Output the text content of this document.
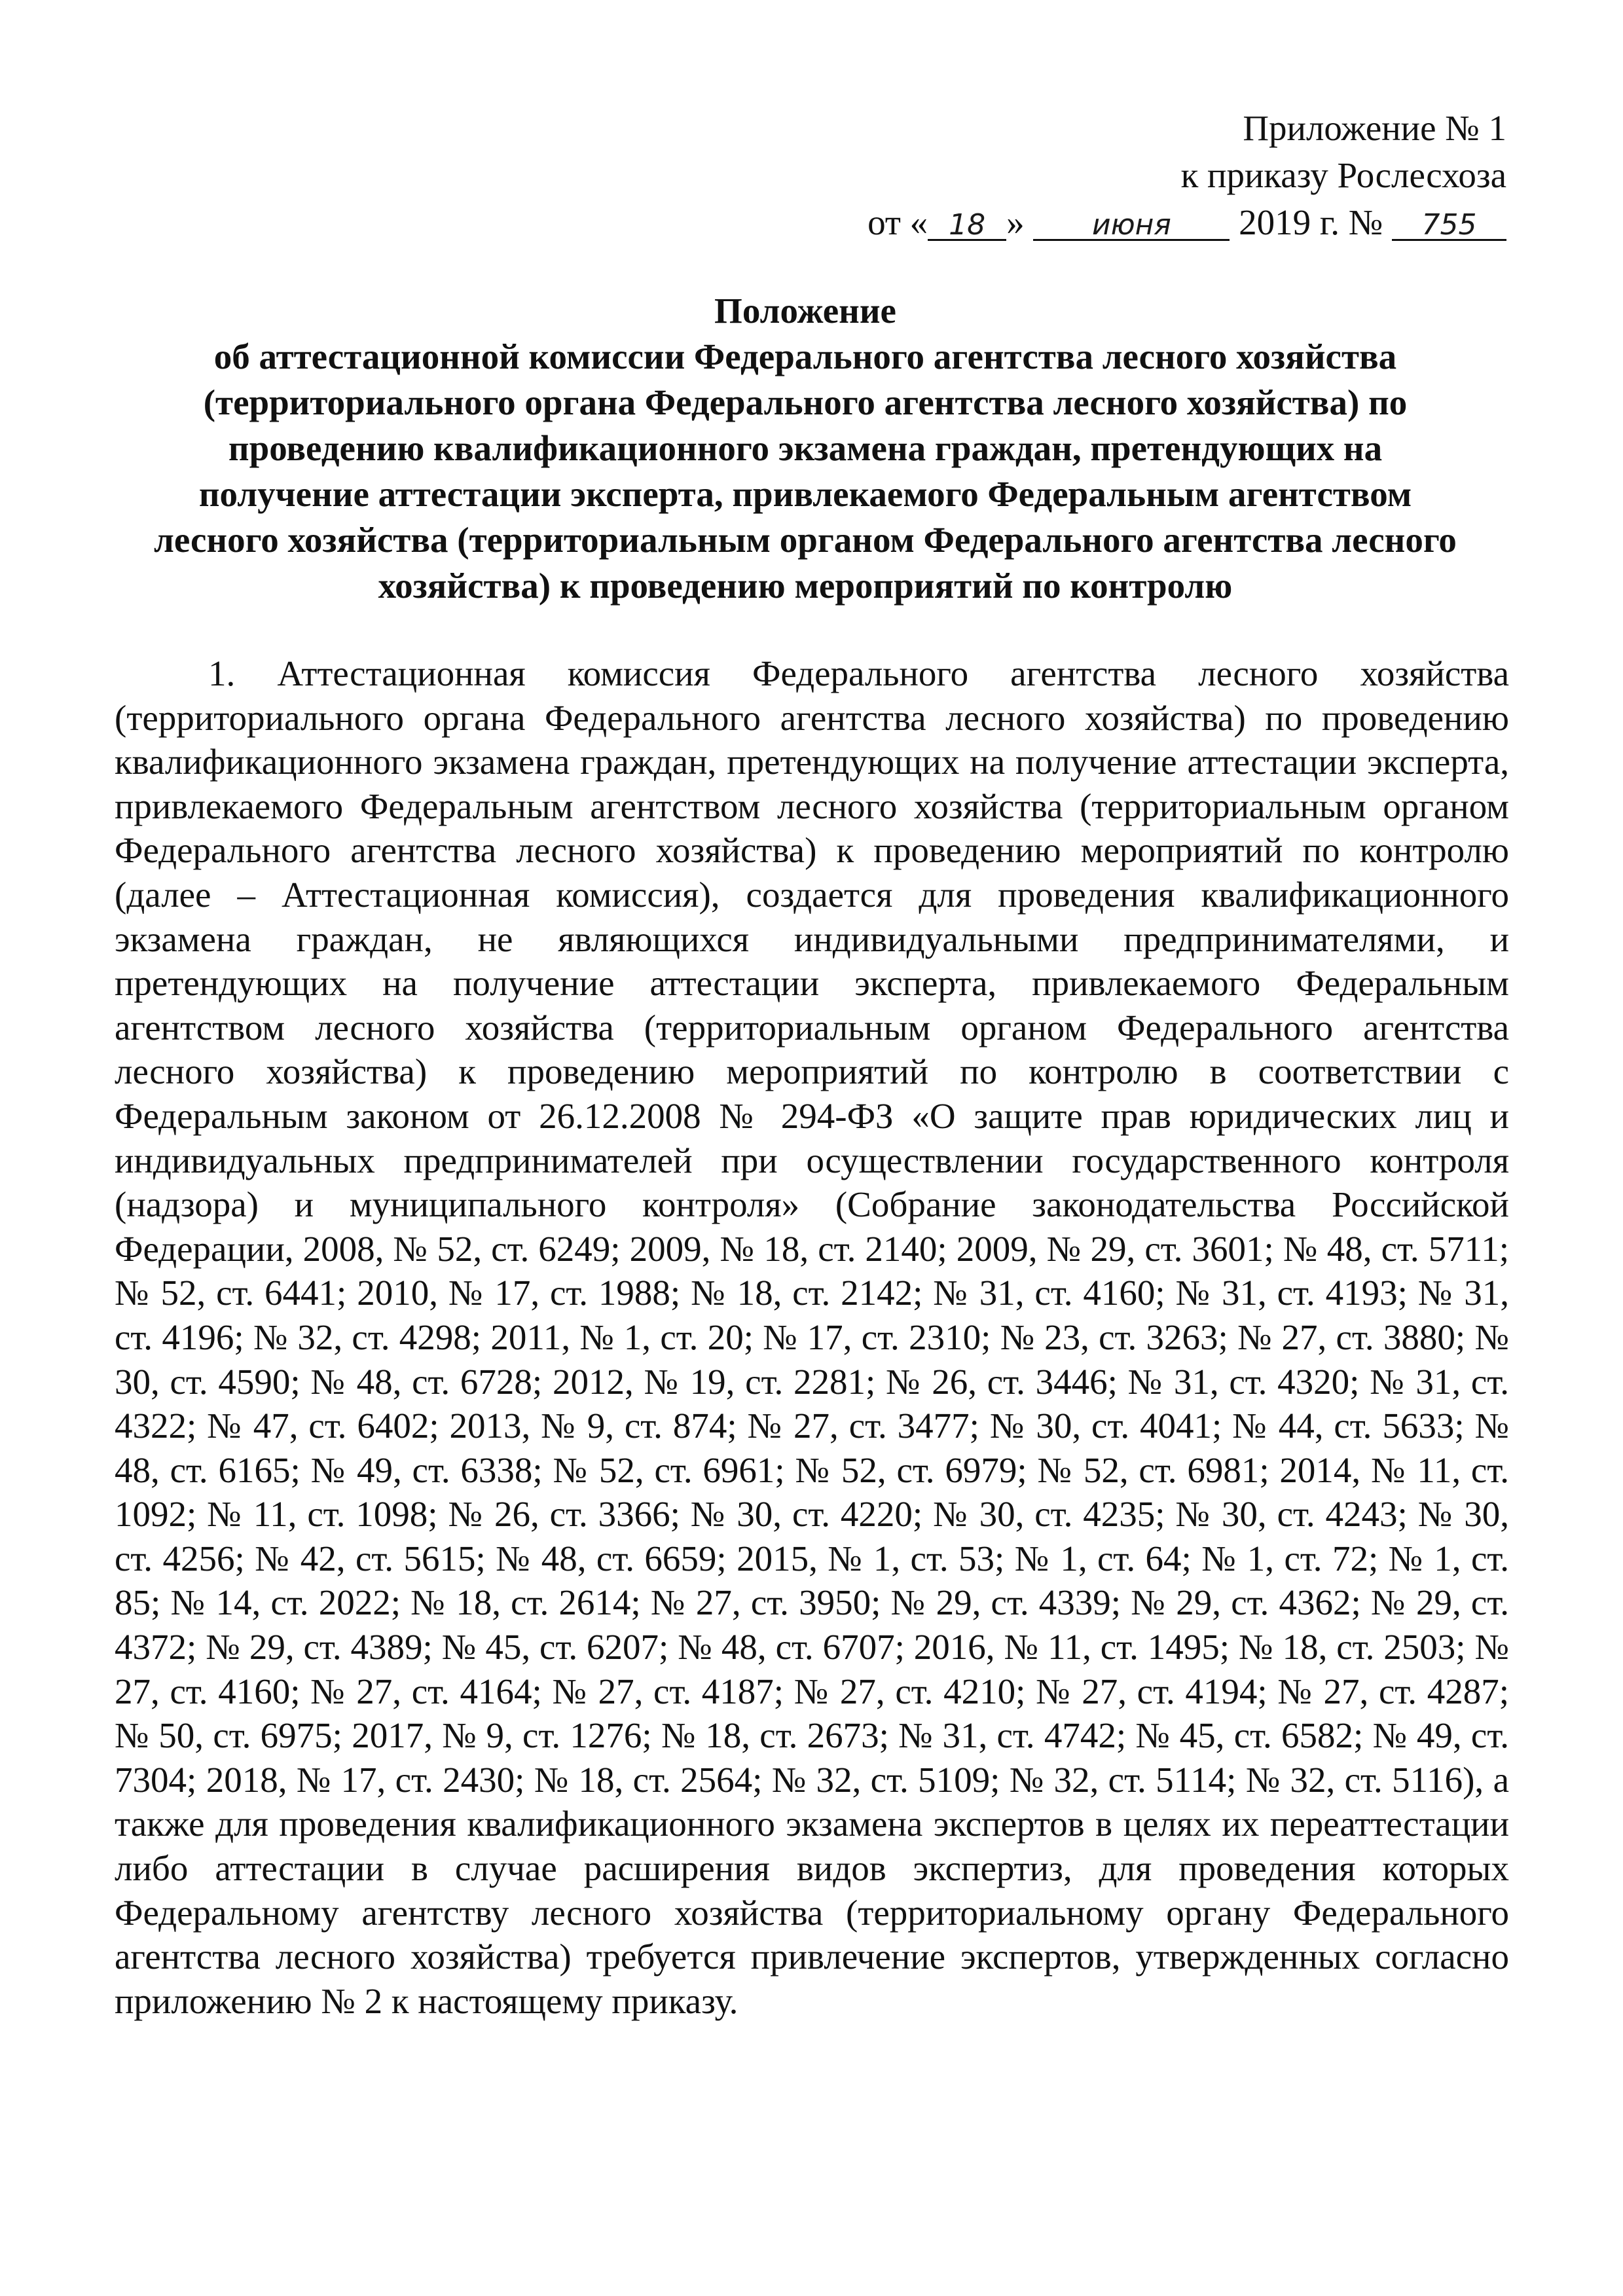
Приложение № 1
к приказу Рослесхоза
от « 18 » июня 2019 г. № 755
Положение
об аттестационной комиссии Федерального агентства лесного хозяйства
(территориального органа Федерального агентства лесного хозяйства) по
проведению квалификационного экзамена граждан, претендующих на
получение аттестации эксперта, привлекаемого Федеральным агентством
лесного хозяйства (территориальным органом Федерального агентства лесного
хозяйства) к проведению мероприятий по контролю

1. Аттестационная комиссия Федерального агентства лесного хозяйства (территориального органа Федерального агентства лесного хозяйства) по проведению квалификационного экзамена граждан, претендующих на получение аттестации эксперта, привлекаемого Федеральным агентством лесного хозяйства (территориальным органом Федерального агентства лесного хозяйства) к проведению мероприятий по контролю (далее – Аттестационная комиссия), создается для проведения квалификационного экзамена граждан, не являющихся индивидуальными предпринимателями, и претендующих на получение аттестации эксперта, привлекаемого Федеральным агентством лесного хозяйства (территориальным органом Федерального агентства лесного хозяйства) к проведению мероприятий по контролю в соответствии с Федеральным законом от 26.12.2008 № 294-ФЗ «О защите прав юридических лиц и индивидуальных предпринимателей при осуществлении государственного контроля (надзора) и муниципального контроля» (Собрание законодательства Российской Федерации, 2008, № 52, ст. 6249; 2009, № 18, ст. 2140; 2009, № 29, ст. 3601; № 48, ст. 5711; № 52, ст. 6441; 2010, № 17, ст. 1988; № 18, ст. 2142; № 31, ст. 4160; № 31, ст. 4193; № 31, ст. 4196; № 32, ст. 4298; 2011, № 1, ст. 20; № 17, ст. 2310; № 23, ст. 3263; № 27, ст. 3880; № 30, ст. 4590; № 48, ст. 6728; 2012, № 19, ст. 2281; № 26, ст. 3446; № 31, ст. 4320; № 31, ст. 4322; № 47, ст. 6402; 2013, № 9, ст. 874; № 27, ст. 3477; № 30, ст. 4041; № 44, ст. 5633; № 48, ст. 6165; № 49, ст. 6338; № 52, ст. 6961; № 52, ст. 6979; № 52, ст. 6981; 2014, № 11, ст. 1092; № 11, ст. 1098; № 26, ст. 3366; № 30, ст. 4220; № 30, ст. 4235; № 30, ст. 4243; № 30, ст. 4256; № 42, ст. 5615; № 48, ст. 6659; 2015, № 1, ст. 53; № 1, ст. 64; № 1, ст. 72; № 1, ст. 85; № 14, ст. 2022; № 18, ст. 2614; № 27, ст. 3950; № 29, ст. 4339; № 29, ст. 4362; № 29, ст. 4372; № 29, ст. 4389; № 45, ст. 6207; № 48, ст. 6707; 2016, № 11, ст. 1495; № 18, ст. 2503; № 27, ст. 4160; № 27, ст. 4164; № 27, ст. 4187; № 27, ст. 4210; № 27, ст. 4194; № 27, ст. 4287; № 50, ст. 6975; 2017, № 9, ст. 1276; № 18, ст. 2673; № 31, ст. 4742; № 45, ст. 6582; № 49, ст. 7304; 2018, № 17, ст. 2430; № 18, ст. 2564; № 32, ст. 5109; № 32, ст. 5114; № 32, ст. 5116), а также для проведения квалификационного экзамена экспертов в целях их переаттестации либо аттестации в случае расширения видов экспертиз, для проведения которых Федеральному агентству лесного хозяйства (территориальному органу Федерального агентства лесного хозяйства) требуется привлечение экспертов, утвержденных согласно приложению № 2 к настоящему приказу.
